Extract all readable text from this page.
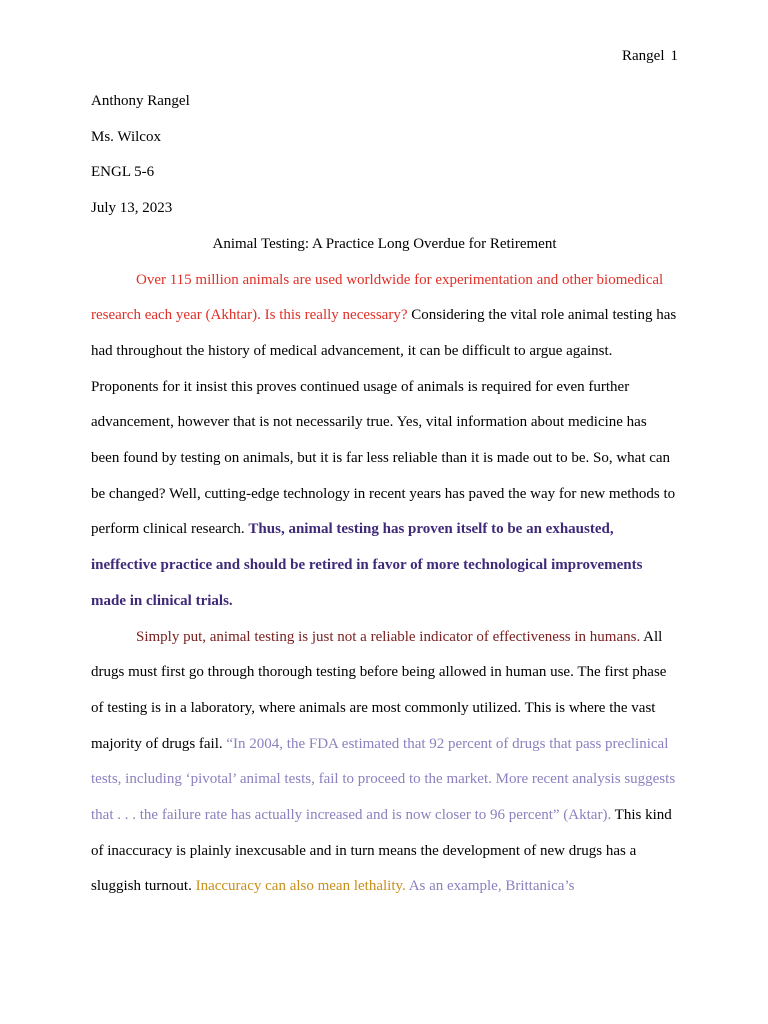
Rangel 1

Anthony Rangel

Ms. Wilcox

ENGL 5-6

July 13, 2023

Animal Testing: A Practice Long Overdue for Retirement

Over 115 million animals are used worldwide for experimentation and other biomedical research each year (Akhtar). Is this really necessary? Considering the vital role animal testing has had throughout the history of medical advancement, it can be difficult to argue against. Proponents for it insist this proves continued usage of animals is required for even further advancement, however that is not necessarily true. Yes, vital information about medicine has been found by testing on animals, but it is far less reliable than it is made out to be. So, what can be changed? Well, cutting-edge technology in recent years has paved the way for new methods to perform clinical research. Thus, animal testing has proven itself to be an exhausted, ineffective practice and should be retired in favor of more technological improvements made in clinical trials.

Simply put, animal testing is just not a reliable indicator of effectiveness in humans. All drugs must first go through thorough testing before being allowed in human use. The first phase of testing is in a laboratory, where animals are most commonly utilized. This is where the vast majority of drugs fail. “In 2004, the FDA estimated that 92 percent of drugs that pass preclinical tests, including ‘pivotal’ animal tests, fail to proceed to the market. More recent analysis suggests that . . . the failure rate has actually increased and is now closer to 96 percent” (Aktar). This kind of inaccuracy is plainly inexcusable and in turn means the development of new drugs has a sluggish turnout. Inaccuracy can also mean lethality. As an example, Brittanica’s
